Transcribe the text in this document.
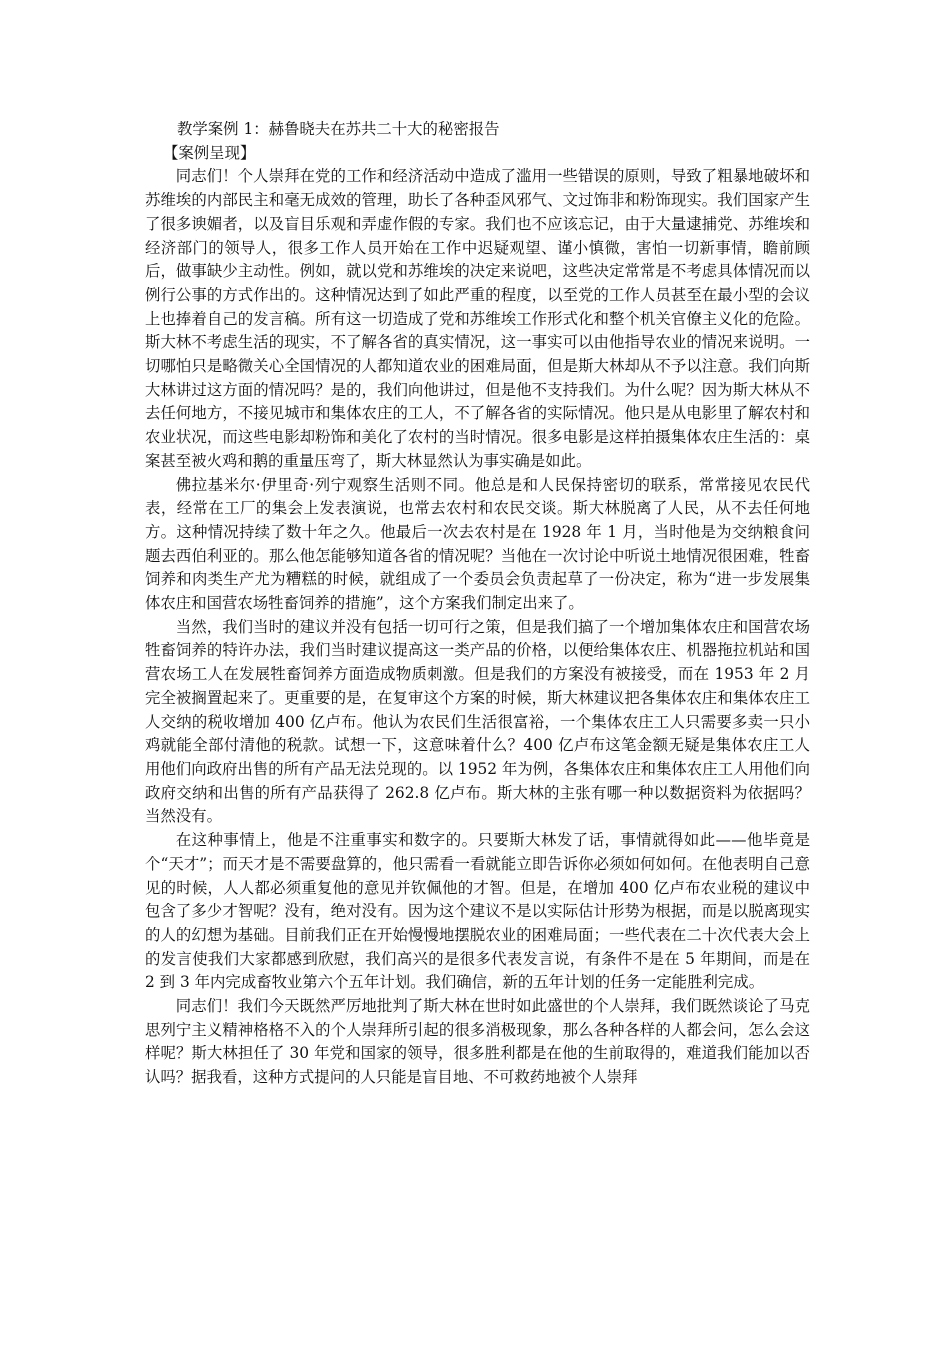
教学案例 1：赫鲁晓夫在苏共二十大的秘密报告

【案例呈现】

同志们！个人崇拜在党的工作和经济活动中造成了滥用一些错误的原则，导致了粗暴地破坏和苏维埃的内部民主和毫无成效的管理，助长了各种歪风邪气、文过饰非和粉饰现实。我们国家产生了很多谀媚者，以及盲目乐观和弄虚作假的专家。我们也不应该忘记，由于大量逮捕党、苏维埃和经济部门的领导人，很多工作人员开始在工作中迟疑观望、谨小慎微，害怕一切新事情，瞻前顾后，做事缺少主动性。例如，就以党和苏维埃的决定来说吧，这些决定常常是不考虑具体情况而以例行公事的方式作出的。这种情况达到了如此严重的程度，以至党的工作人员甚至在最小型的会议上也捧着自己的发言稿。所有这一切造成了党和苏维埃工作形式化和整个机关官僚主义化的危险。斯大林不考虑生活的现实，不了解各省的真实情况，这一事实可以由他指导农业的情况来说明。一切哪怕只是略微关心全国情况的人都知道农业的困难局面，但是斯大林却从不予以注意。我们向斯大林讲过这方面的情况吗？是的，我们向他讲过，但是他不支持我们。为什么呢？因为斯大林从不去任何地方，不接见城市和集体农庄的工人，不了解各省的实际情况。他只是从电影里了解农村和农业状况，而这些电影却粉饰和美化了农村的当时情况。很多电影是这样拍摄集体农庄生活的：桌案甚至被火鸡和鹅的重量压弯了，斯大林显然认为事实确是如此。

佛拉基米尔·伊里奇·列宁观察生活则不同。他总是和人民保持密切的联系，常常接见农民代表，经常在工厂的集会上发表演说，也常去农村和农民交谈。斯大林脱离了人民，从不去任何地方。这种情况持续了数十年之久。他最后一次去农村是在 1928 年 1 月，当时他是为交纳粮食问题去西伯利亚的。那么他怎能够知道各省的情况呢？当他在一次讨论中听说土地情况很困难，牲畜饲养和肉类生产尤为糟糕的时候，就组成了一个委员会负责起草了一份决定，称为“进一步发展集体农庄和国营农场牲畜饲养的措施”，这个方案我们制定出来了。

当然，我们当时的建议并没有包括一切可行之策，但是我们搞了一个增加集体农庄和国营农场牲畜饲养的特许办法，我们当时建议提高这一类产品的价格，以便给集体农庄、机器拖拉机站和国营农场工人在发展牲畜饲养方面造成物质刺激。但是我们的方案没有被接受，而在 1953 年 2 月完全被搁置起来了。更重要的是，在复审这个方案的时候，斯大林建议把各集体农庄和集体农庄工人交纳的税收增加 400 亿卢布。他认为农民们生活很富裕，一个集体农庄工人只需要多卖一只小鸡就能全部付清他的税款。试想一下，这意味着什么？400 亿卢布这笔金额无疑是集体农庄工人用他们向政府出售的所有产品无法兑现的。以 1952 年为例，各集体农庄和集体农庄工人用他们向政府交纳和出售的所有产品获得了 262.8 亿卢布。斯大林的主张有哪一种以数据资料为依据吗？当然没有。

在这种事情上，他是不注重事实和数字的。只要斯大林发了话，事情就得如此——他毕竟是个“天才”；而天才是不需要盘算的，他只需看一看就能立即告诉你必须如何如何。在他表明自己意见的时候，人人都必须重复他的意见并钦佩他的才智。但是，在增加 400 亿卢布农业税的建议中包含了多少才智呢？没有，绝对没有。因为这个建议不是以实际估计形势为根据，而是以脱离现实的人的幻想为基础。目前我们正在开始慢慢地摆脱农业的困难局面；一些代表在二十次代表大会上的发言使我们大家都感到欣慰，我们高兴的是很多代表发言说，有条件不是在 5 年期间，而是在 2 到 3 年内完成畜牧业第六个五年计划。我们确信，新的五年计划的任务一定能胜利完成。

同志们！我们今天既然严厉地批判了斯大林在世时如此盛世的个人崇拜，我们既然谈论了马克思列宁主义精神格格不入的个人崇拜所引起的很多消极现象，那么各种各样的人都会问，怎么会这样呢？斯大林担任了 30 年党和国家的领导，很多胜利都是在他的生前取得的，难道我们能加以否认吗？据我看，这种方式提问的人只能是盲目地、不可救药地被个人崇拜
